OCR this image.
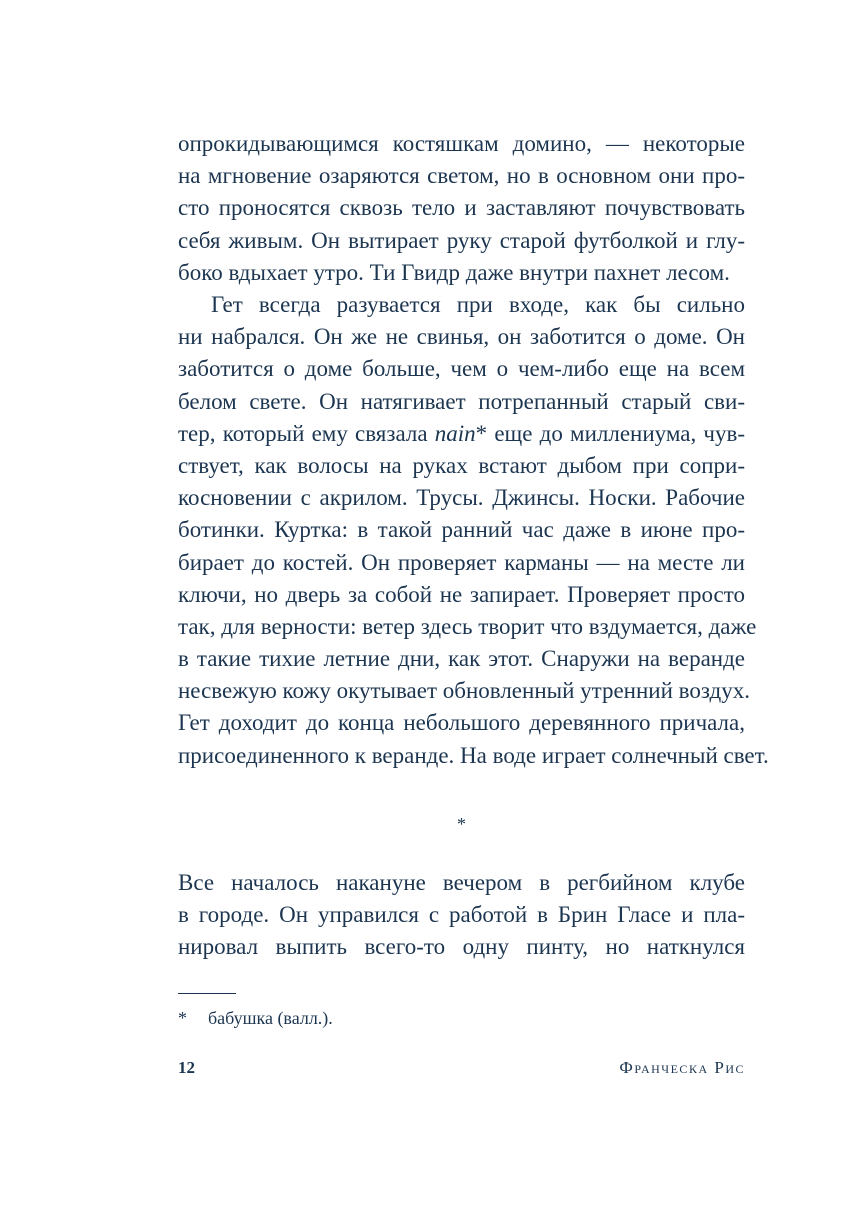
опрокидывающимся костяшкам домино, — некоторые
на мгновение озаряются светом, но в основном они про-
сто проносятся сквозь тело и заставляют почувствовать
себя живым. Он вытирает руку старой футболкой и глу-
боко вдыхает утро. Ти Гвидр даже внутри пахнет лесом.
Гет всегда разувается при входе, как бы сильно
ни набрался. Он же не свинья, он заботится о доме. Он
заботится о доме больше, чем о чем-либо еще на всем
белом свете. Он натягивает потрепанный старый сви-
тер, который ему связала nain* еще до миллениума, чув-
ствует, как волосы на руках встают дыбом при сопри-
косновении с акрилом. Трусы. Джинсы. Носки. Рабочие
ботинки. Куртка: в такой ранний час даже в июне про-
бирает до костей. Он проверяет карманы — на месте ли
ключи, но дверь за собой не запирает. Проверяет просто
так, для верности: ветер здесь творит что вздумается, даже
в такие тихие летние дни, как этот. Снаружи на веранде
несвежую кожу окутывает обновленный утренний воздух.
Гет доходит до конца небольшого деревянного причала,
присоединенного к веранде. На воде играет солнечный свет.
*
Все началось накануне вечером в регбийном клубе
в городе. Он управился с работой в Брин Гласе и пла-
нировал выпить всего-то одну пинту, но наткнулся
* бабушка (валл.).
12	Франческа Рис
